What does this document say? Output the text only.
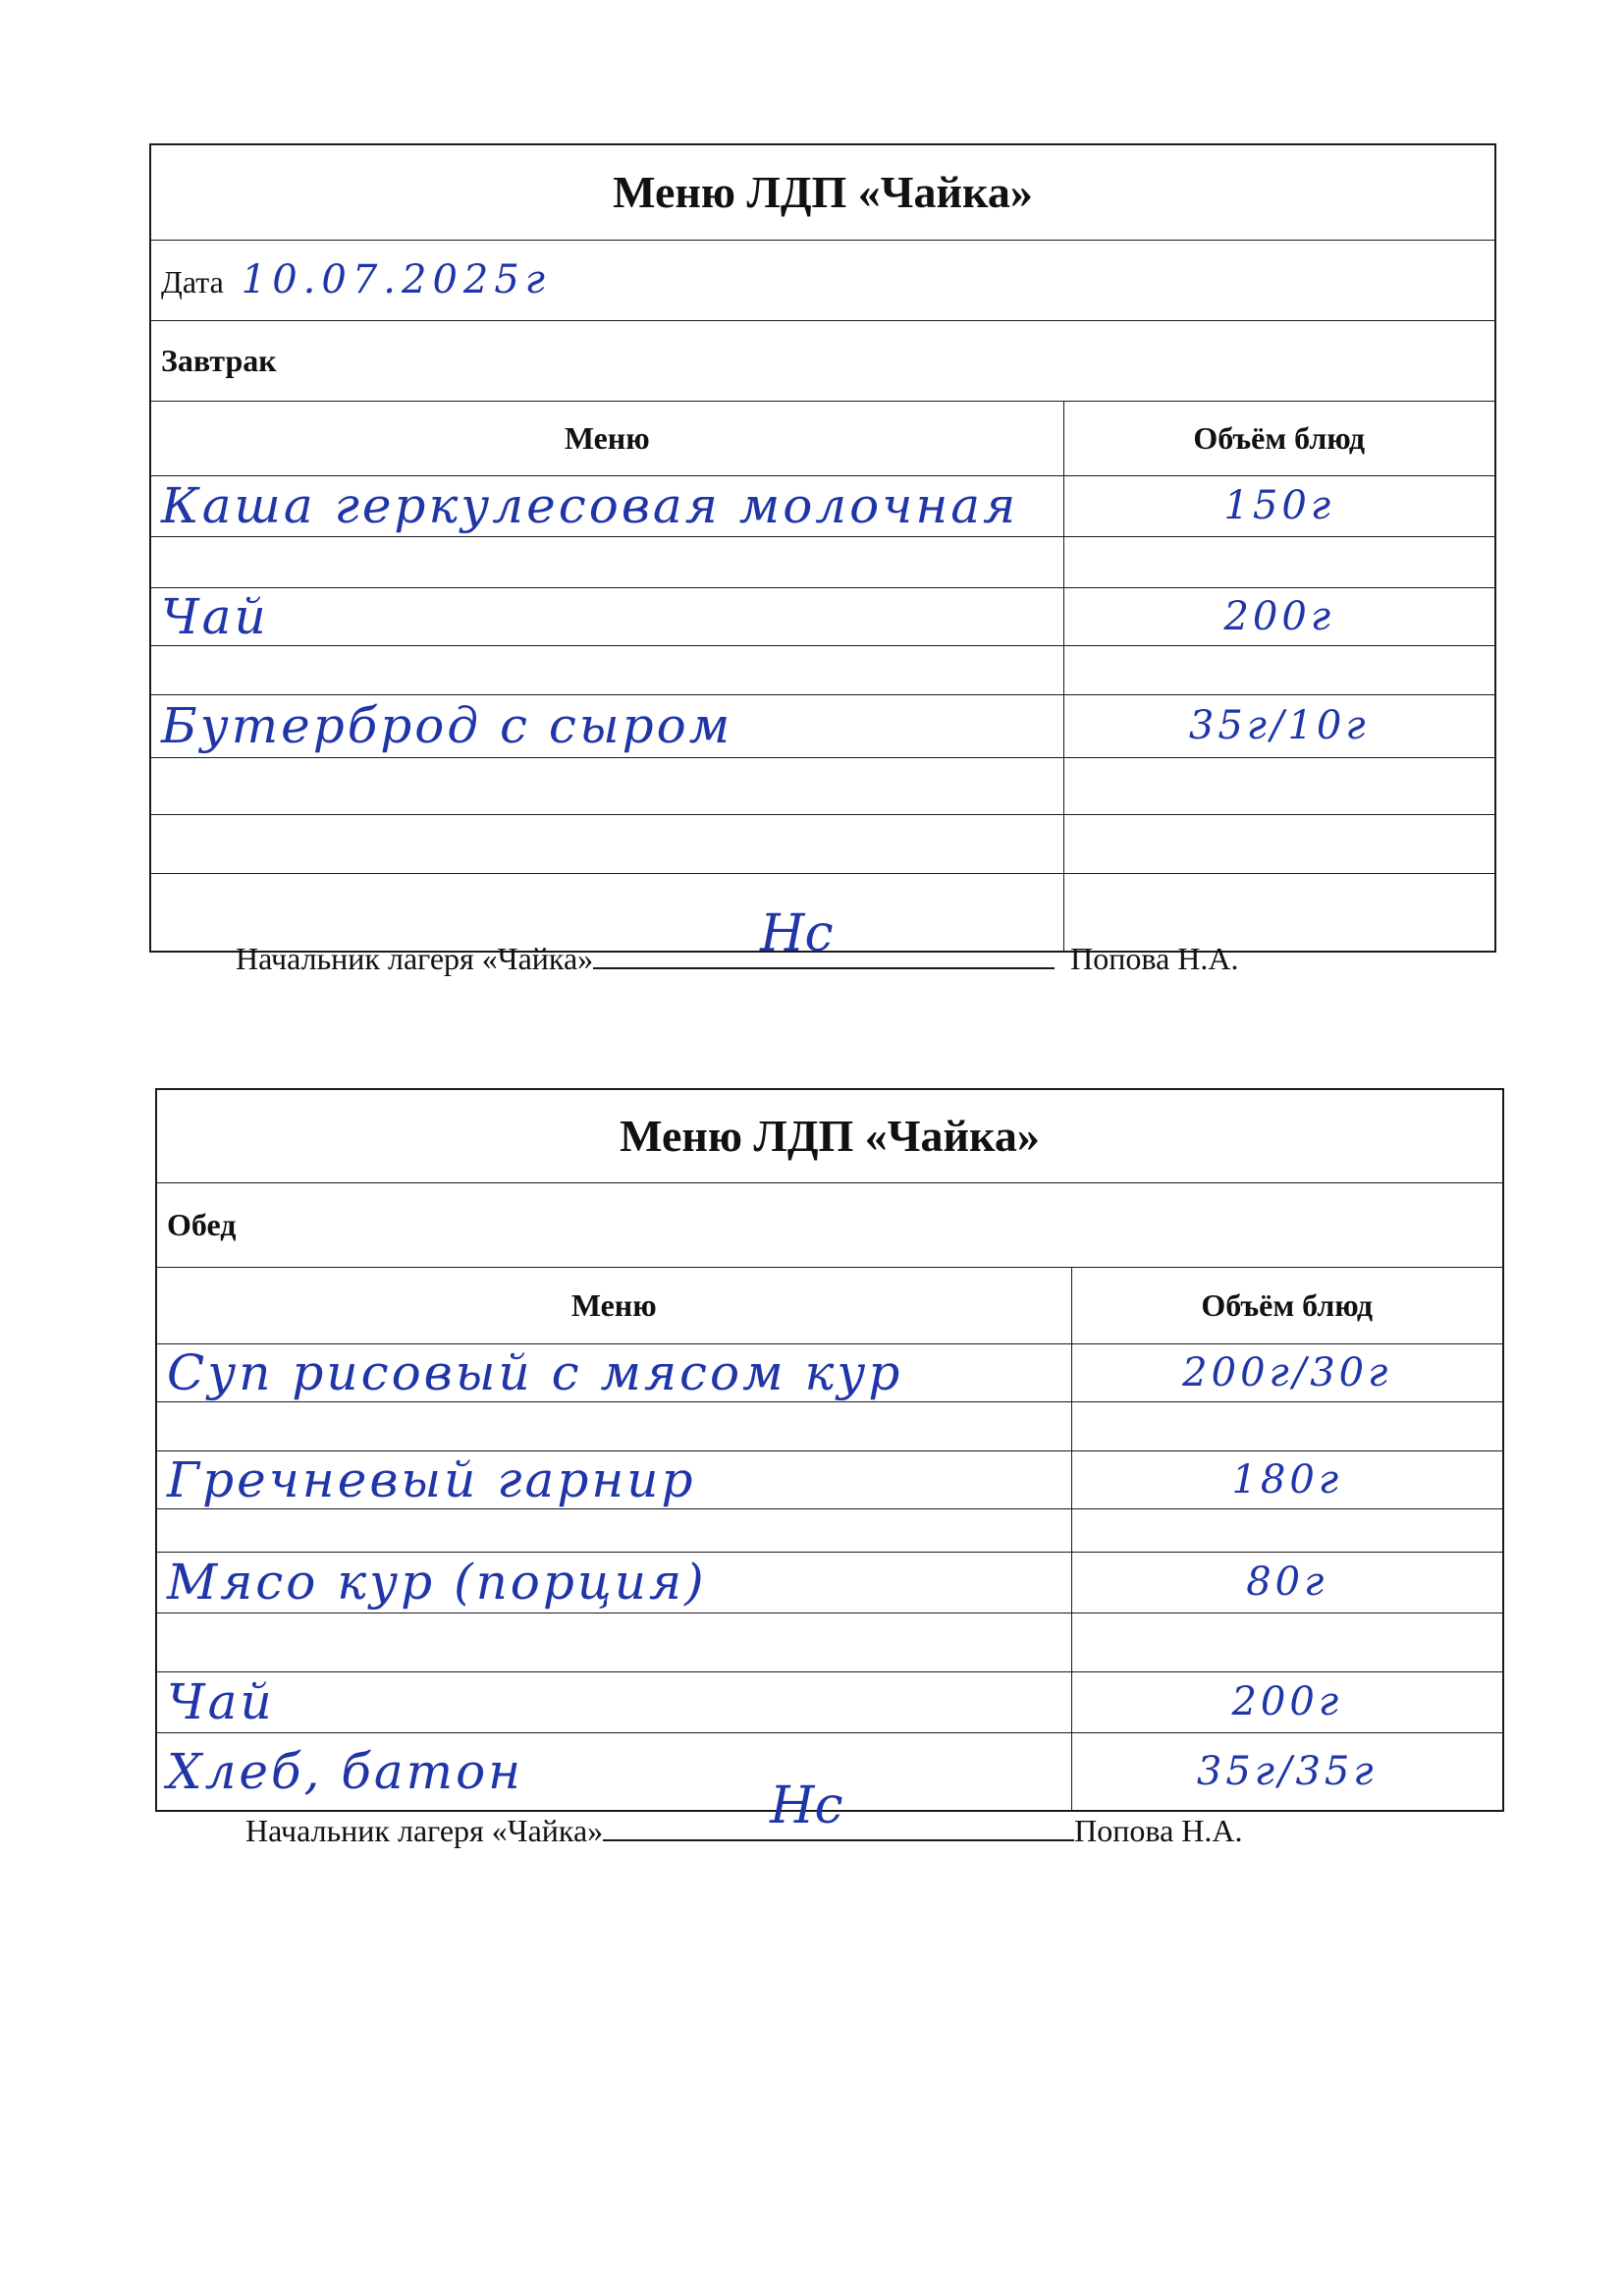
Меню ЛДП «Чайка»	
Дата 10.07.2025г	
Завтрак	
Меню	Объём блюд
Каша геркулесовая молочная	150г

Чай	200г

Бутерброд с сыром	35г/10г

Начальник лагеря «Чайка»	Нс	Попова Н.А.
Меню ЛДП «Чайка»	
Обед	
Меню	Объём блюд
Суп рисовый с мясом кур	200г/30г

Гречневый гарнир	180г

Мясо кур (порция)	80г

Чай	200г
Хлеб, батон	35г/35г
Начальник лагеря «Чайка»	Нс	Попова Н.А.
